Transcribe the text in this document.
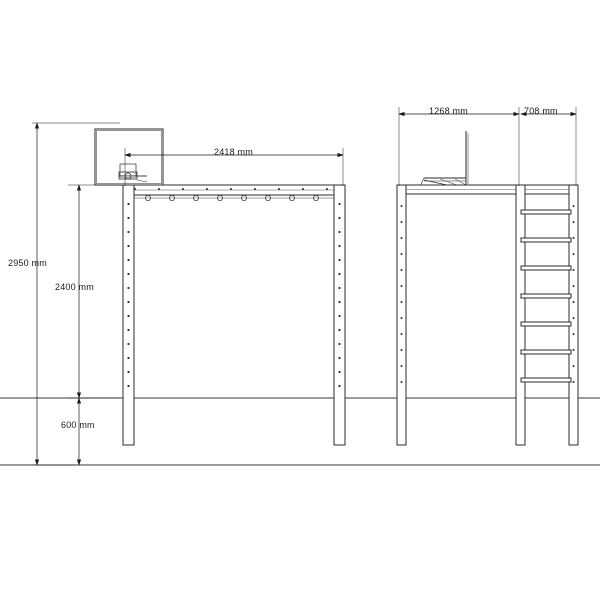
2950 mm
2400 mm
600 mm
2418 mm
1268 mm	708 mm
